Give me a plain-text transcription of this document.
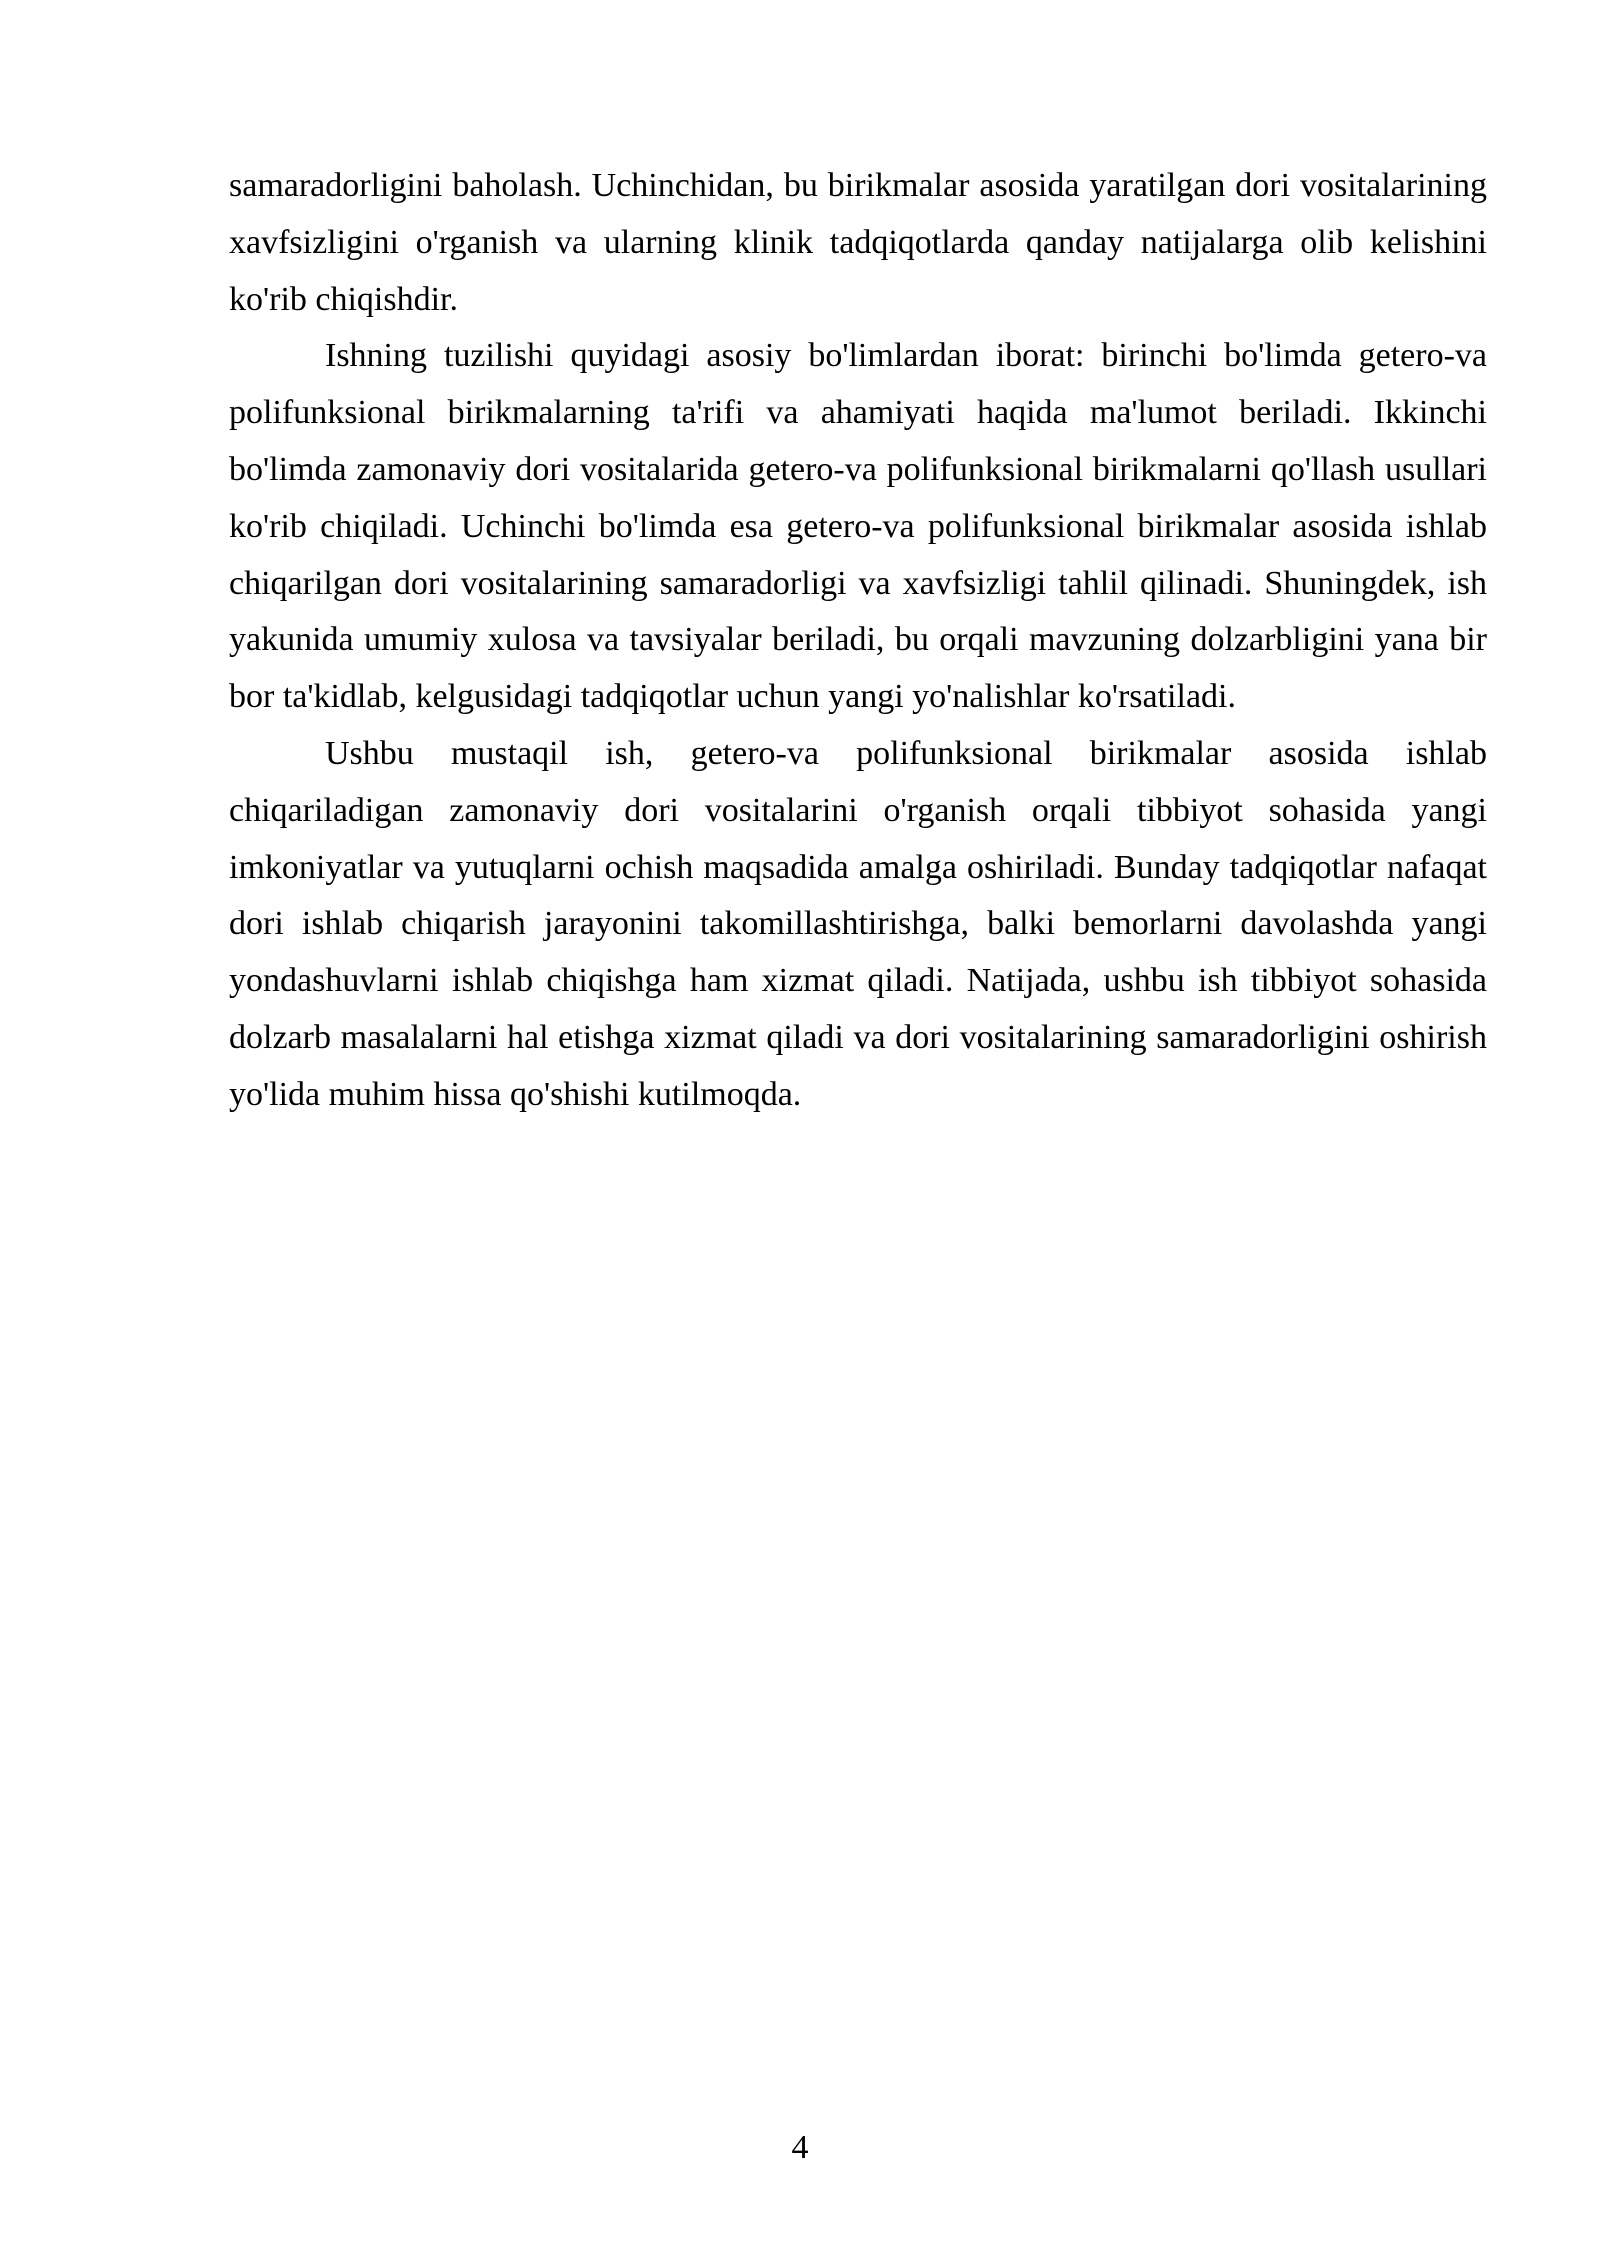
samaradorligini baholash. Uchinchidan, bu birikmalar asosida yaratilgan dori vositalarining xavfsizligini o'rganish va ularning klinik tadqiqotlarda qanday natijalarga olib kelishini ko'rib chiqishdir.

Ishning tuzilishi quyidagi asosiy bo'limlardan iborat: birinchi bo'limda getero-va polifunksional birikmalarning ta'rifi va ahamiyati haqida ma'lumot beriladi. Ikkinchi bo'limda zamonaviy dori vositalarida getero-va polifunksional birikmalarni qo'llash usullari ko'rib chiqiladi. Uchinchi bo'limda esa getero-va polifunksional birikmalar asosida ishlab chiqarilgan dori vositalarining samaradorligi va xavfsizligi tahlil qilinadi. Shuningdek, ish yakunida umumiy xulosa va tavsiyalar beriladi, bu orqali mavzuning dolzarbligini yana bir bor ta'kidlab, kelgusidagi tadqiqotlar uchun yangi yo'nalishlar ko'rsatiladi.

Ushbu mustaqil ish, getero-va polifunksional birikmalar asosida ishlab chiqariladigan zamonaviy dori vositalarini o'rganish orqali tibbiyot sohasida yangi imkoniyatlar va yutuqlarni ochish maqsadida amalga oshiriladi. Bunday tadqiqotlar nafaqat dori ishlab chiqarish jarayonini takomillashtirishga, balki bemorlarni davolashda yangi yondashuvlarni ishlab chiqishga ham xizmat qiladi. Natijada, ushbu ish tibbiyot sohasida dolzarb masalalarni hal etishga xizmat qiladi va dori vositalarining samaradorligini oshirish yo'lida muhim hissa qo'shishi kutilmoqda.

4
